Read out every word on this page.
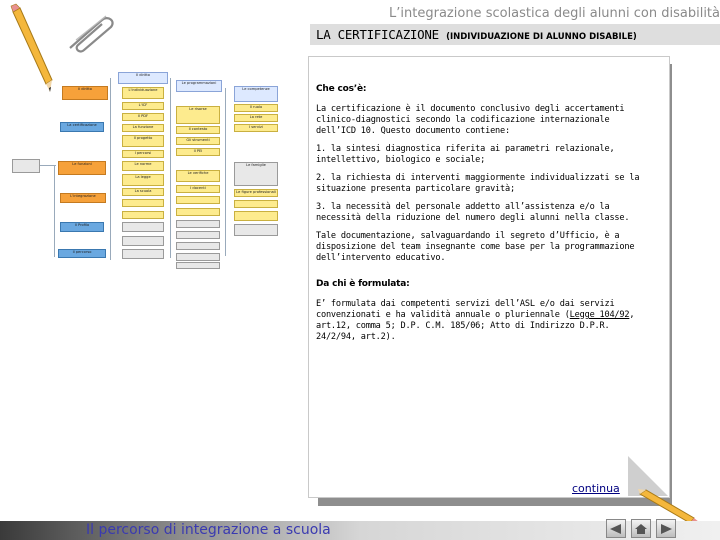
L’integrazione scolastica degli alunni con disabilità
LA CERTIFICAZIONE (INDIVIDUAZIONE DI ALUNNO DISABILE)
Il diritto
Le funzioni
L'integrazione
La certificazione
Il Profilo
Il percorso
Il diritto
L'individuazione
L'ICF
Il PDF
La funzione
Il progetto
I percorsi
Le norme
La legge
La scuola
Le programmazioni
Le risorse
Il contesto
Gli strumenti
Il PEI
Le verifiche
I docenti
Le competenze
Il ruolo
La rete
I servizi
Le famiglie
Le figure professionali

Che cos’è:

La certificazione è il documento conclusivo degli accertamenti clinico-diagnostici secondo la codificazione internazionale dell’ICD 10. Questo documento contiene:

1. la sintesi diagnostica riferita ai parametri relazionale, intellettivo, biologico e sociale;

2. la richiesta di interventi maggiormente individualizzati se la situazione presenta particolare gravità;

3. la necessità del personale addetto all’assistenza e/o la necessità della riduzione del numero degli alunni nella classe.

Tale documentazione, salvaguardando il segreto d’Ufficio, è a disposizione del team insegnante come base per la programmazione dell’intervento educativo.

Da chi è formulata:

E’ formulata dai competenti servizi dell’ASL e/o dai servizi convenzionati e ha validità annuale o pluriennale (Legge 104/92, art.12, comma 5; D.P. C.M. 185/06; Atto di Indirizzo D.P.R. 24/2/94, art.2).

continua
Il percorso di integrazione a scuola
